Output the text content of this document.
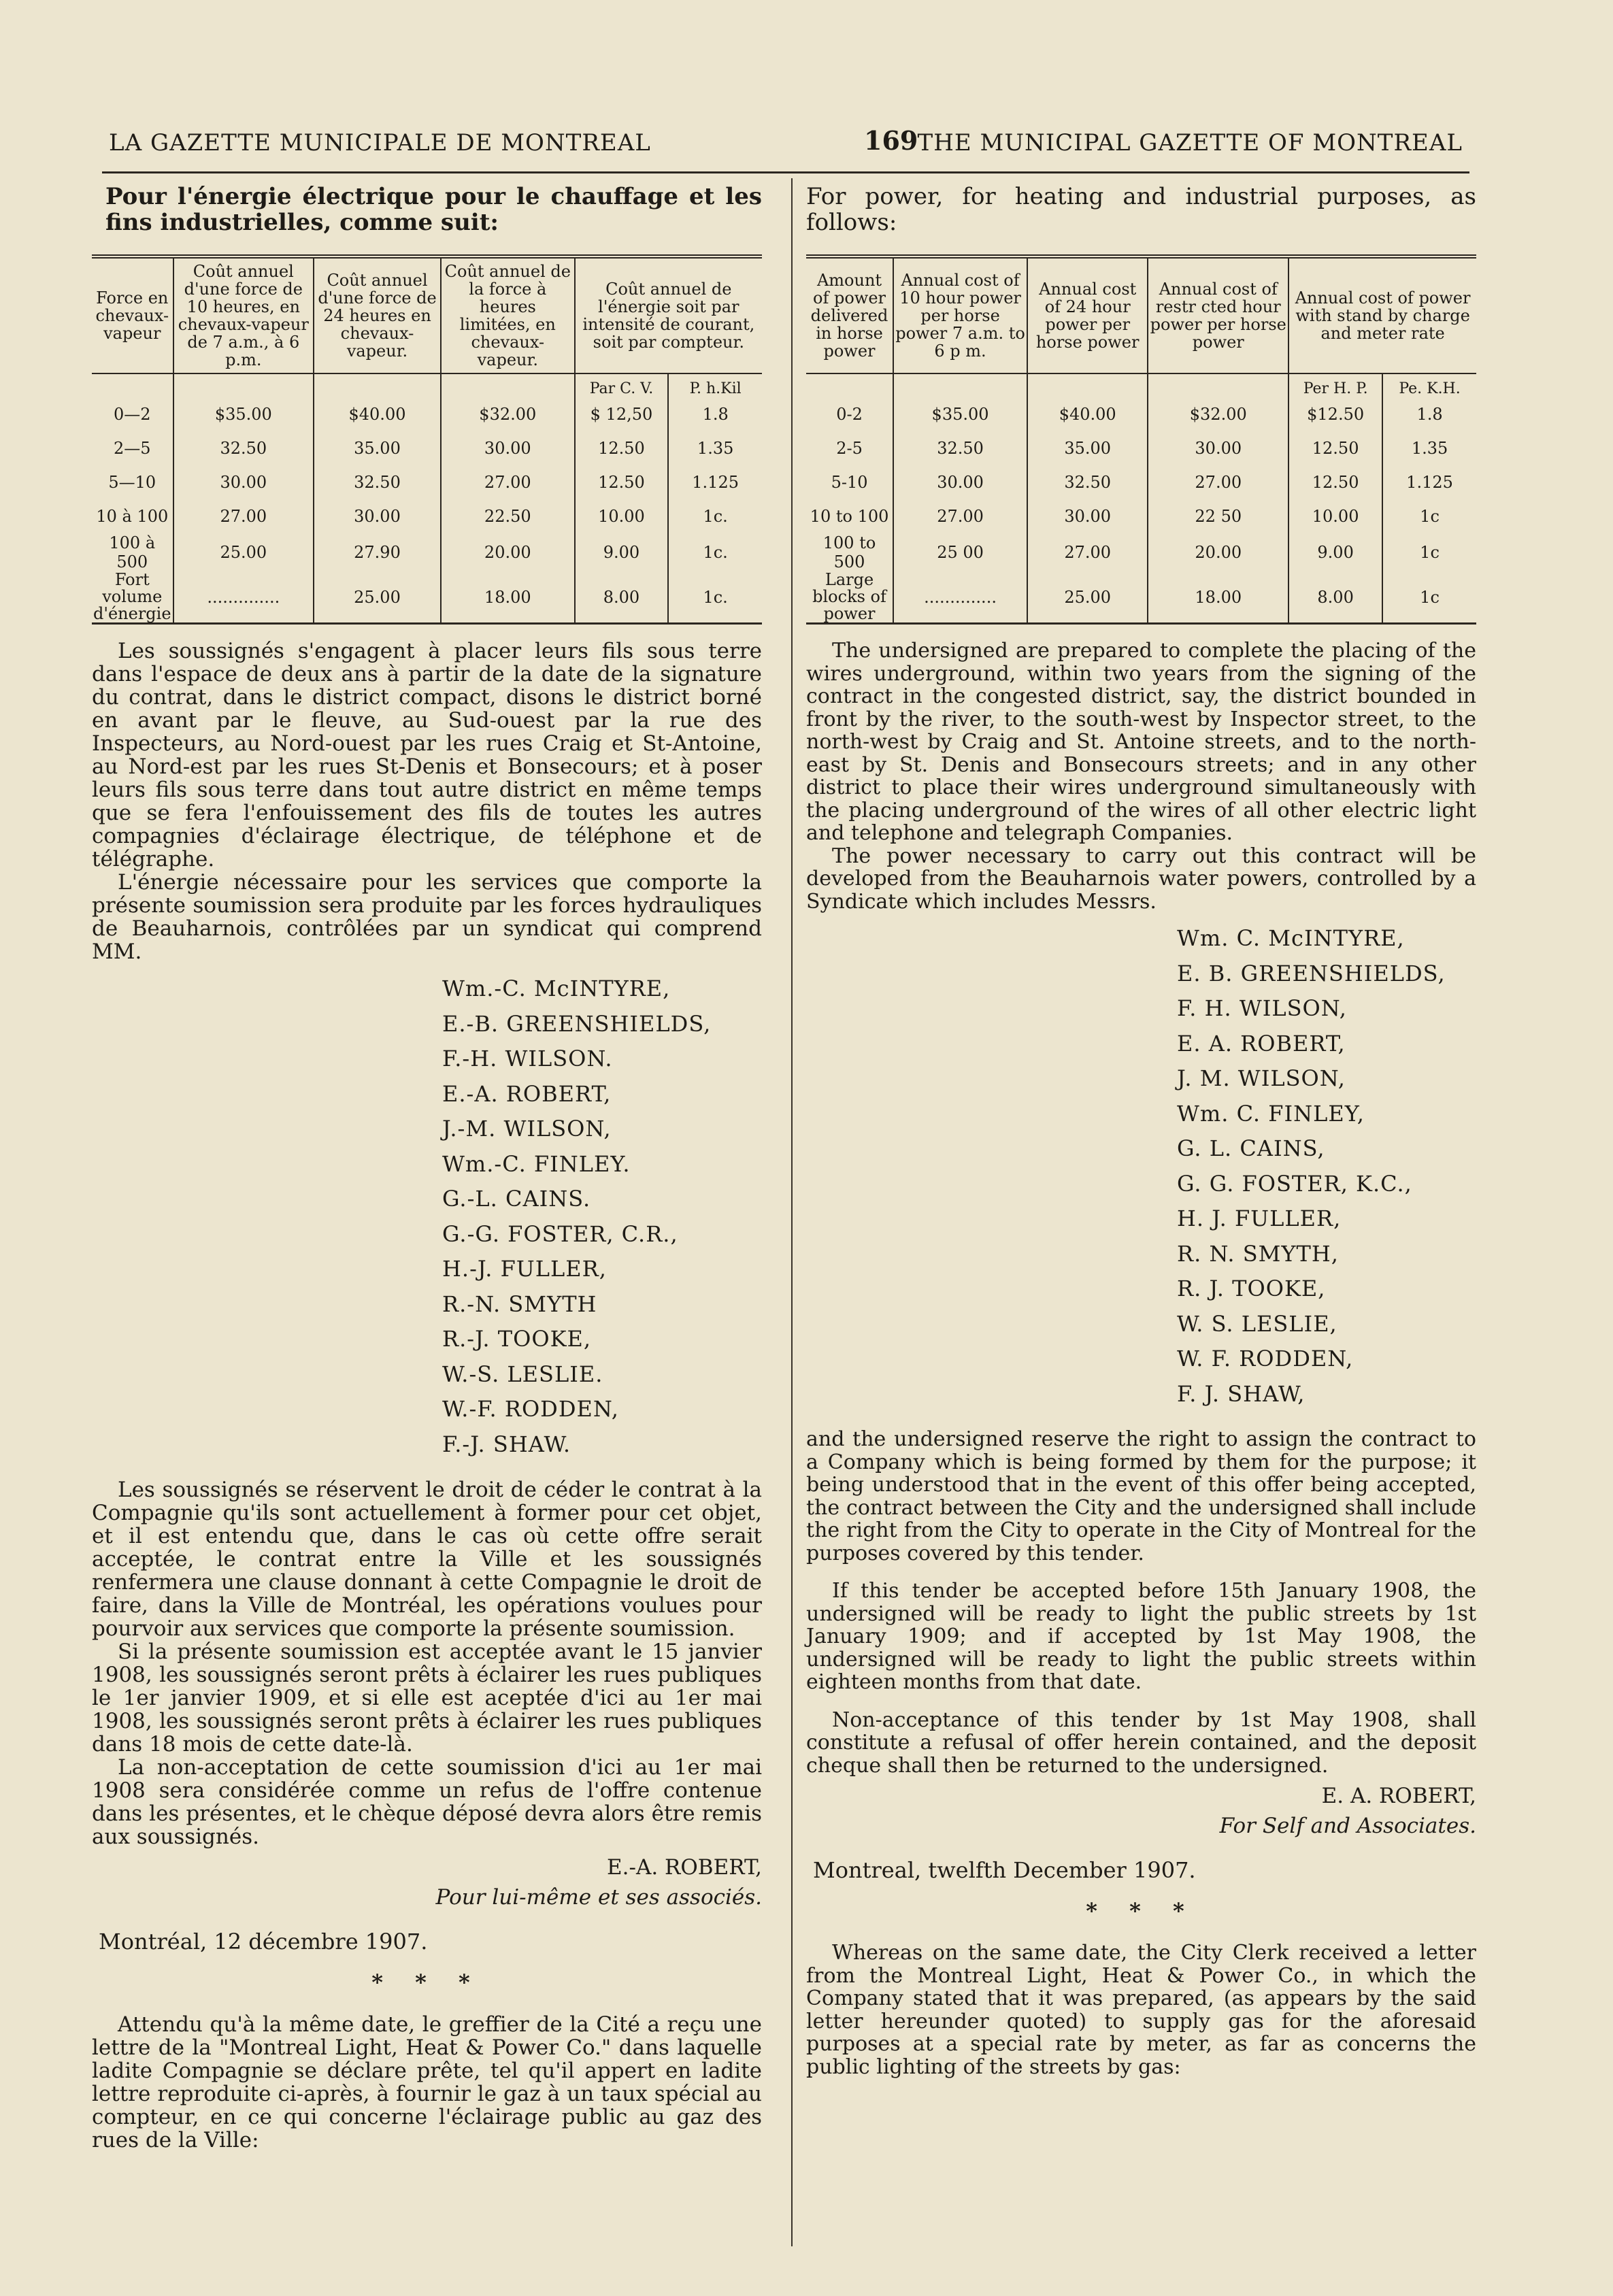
LA GAZETTE MUNICIPALE DE MONTREAL	169 THE MUNICIPAL GAZETTE OF MONTREAL

Pour l'énergie électrique pour le chauffage et les fins industrielles, comme suit:

Force en chevaux-vapeur	Coût annuel d'une force de 10 heures, en chevaux-vapeur de 7 a.m., à 6 p.m.	Coût annuel d'une force de 24 heures en chevaux-vapeur.	Coût annuel de la force à heures limitées, en chevaux-vapeur.	Coût annuel de l'énergie soit par intensité de courant, soit par compteur.	
				Par C. V.	P. h.Kil
0—2	$35.00	$40.00	$32.00	$ 12,50	1.8
2—5	32.50	35.00	30.00	12.50	1.35
5—10	30.00	32.50	27.00	12.50	1.125
10 à 100	27.00	30.00	22.50	10.00	1c.
100 à 500	25.00	27.90	20.00	9.00	1c.
Fort volume d'énergie	..............	25.00	18.00	8.00	1c.

Les soussignés s'engagent à placer leurs fils sous terre dans l'espace de deux ans à partir de la date de la signature du contrat, dans le district compact, disons le district borné en avant par le fleuve, au Sud-ouest par la rue des Inspecteurs, au Nord-ouest par les rues Craig et St-Antoine, au Nord-est par les rues St-Denis et Bonsecours; et à poser leurs fils sous terre dans tout autre district en même temps que se fera l'enfouissement des fils de toutes les autres compagnies d'éclairage électrique, de téléphone et de télégraphe.

L'énergie nécessaire pour les services que comporte la présente soumission sera produite par les forces hydrauliques de Beauharnois, contrôlées par un syndicat qui comprend MM.

Wm.-C. McINTYRE,
E.-B. GREENSHIELDS,
F.-H. WILSON.
E.-A. ROBERT,
J.-M. WILSON,
Wm.-C. FINLEY.
G.-L. CAINS.
G.-G. FOSTER, C.R.,
H.-J. FULLER,
R.-N. SMYTH
R.-J. TOOKE,
W.-S. LESLIE.
W.-F. RODDEN,
F.-J. SHAW.

Les soussignés se réservent le droit de céder le contrat à la Compagnie qu'ils sont actuellement à former pour cet objet, et il est entendu que, dans le cas où cette offre serait acceptée, le contrat entre la Ville et les soussignés renfermera une clause donnant à cette Compagnie le droit de faire, dans la Ville de Montréal, les opérations voulues pour pourvoir aux services que comporte la présente soumission.

Si la présente soumission est acceptée avant le 15 janvier 1908, les soussignés seront prêts à éclairer les rues publiques le 1er janvier 1909, et si elle est aceptée d'ici au 1er mai 1908, les soussignés seront prêts à éclairer les rues publiques dans 18 mois de cette date-là.

La non-acceptation de cette soumission d'ici au 1er mai 1908 sera considérée comme un refus de l'offre contenue dans les présentes, et le chèque déposé devra alors être remis aux soussignés.

E.-A. ROBERT,
Pour lui-même et ses associés.
Montréal, 12 décembre 1907.
* * *

Attendu qu'à la même date, le greffier de la Cité a reçu une lettre de la "Montreal Light, Heat & Power Co." dans laquelle ladite Compagnie se déclare prête, tel qu'il appert en ladite lettre reproduite ci-après, à fournir le gaz à un taux spécial au compteur, en ce qui concerne l'éclairage public au gaz des rues de la Ville:

For power, for heating and industrial purposes, as follows:

Amount of power delivered in horse power	Annual cost of 10 hour power per horse power 7 a.m. to 6 p m.	Annual cost of 24 hour power per horse power	Annual cost of restr cted hour power per horse power	Annual cost of power with stand by charge and meter rate	
				Per H. P.	Pe. K.H.
0-2	$35.00	$40.00	$32.00	$12.50	1.8
2-5	32.50	35.00	30.00	12.50	1.35
5-10	30.00	32.50	27.00	12.50	1.125
10 to 100	27.00	30.00	22 50	10.00	1c
100 to 500	25 00	27.00	20.00	9.00	1c
Large blocks of power	..............	25.00	18.00	8.00	1c

The undersigned are prepared to complete the placing of the wires underground, within two years from the signing of the contract in the congested district, say, the district bounded in front by the river, to the south-west by Inspector street, to the north-west by Craig and St. Antoine streets, and to the north-east by St. Denis and Bonsecours streets; and in any other district to place their wires underground simultaneously with the placing underground of the wires of all other electric light and telephone and telegraph Companies.

The power necessary to carry out this contract will be developed from the Beauharnois water powers, controlled by a Syndicate which includes Messrs.

Wm. C. McINTYRE,
E. B. GREENSHIELDS,
F. H. WILSON,
E. A. ROBERT,
J. M. WILSON,
Wm. C. FINLEY,
G. L. CAINS,
G. G. FOSTER, K.C.,
H. J. FULLER,
R. N. SMYTH,
R. J. TOOKE,
W. S. LESLIE,
W. F. RODDEN,
F. J. SHAW,

and the undersigned reserve the right to assign the contract to a Company which is being formed by them for the purpose; it being understood that in the event of this offer being accepted, the contract between the City and the undersigned shall include the right from the City to operate in the City of Montreal for the purposes covered by this tender.

If this tender be accepted before 15th January 1908, the undersigned will be ready to light the public streets by 1st January 1909; and if accepted by 1st May 1908, the undersigned will be ready to light the public streets within eighteen months from that date.

Non-acceptance of this tender by 1st May 1908, shall constitute a refusal of offer herein contained, and the deposit cheque shall then be returned to the undersigned.

E. A. ROBERT,
For Self and Associates.
Montreal, twelfth December 1907.
* * *

Whereas on the same date, the City Clerk received a letter from the Montreal Light, Heat & Power Co., in which the Company stated that it was prepared, (as appears by the said letter hereunder quoted) to supply gas for the aforesaid purposes at a special rate by meter, as far as concerns the public lighting of the streets by gas:
